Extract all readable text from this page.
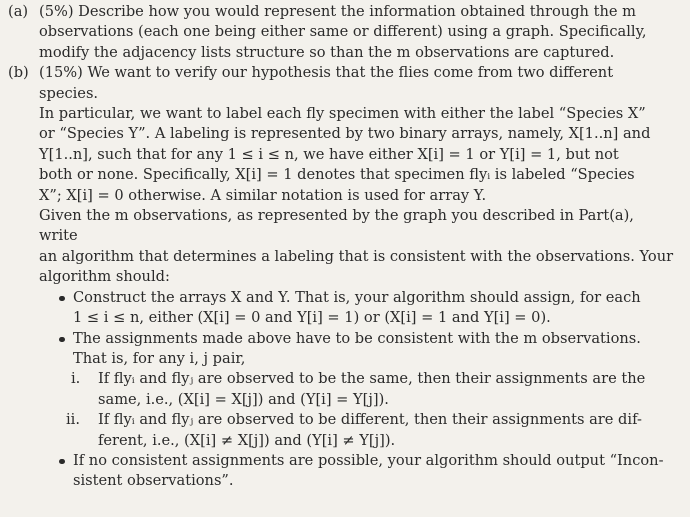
(a) (5%) Describe how you would represent the information obtained through the m
observations (each one being either same or different) using a graph. Specifically,
modify the adjacency lists structure so than the m observations are captured.

(b) (15%) We want to verify our hypothesis that the flies come from two different species.
In particular, we want to label each fly specimen with either the label “Species X”
or “Species Y”. A labeling is represented by two binary arrays, namely, X[1..n] and
Y[1..n], such that for any 1 ≤ i ≤ n, we have either X[i] = 1 or Y[i] = 1, but not
both or none. Specifically, X[i] = 1 denotes that specimen flyᵢ is labeled “Species
X”; X[i] = 0 otherwise. A similar notation is used for array Y.

Given the m observations, as represented by the graph you described in Part(a), write
an algorithm that determines a labeling that is consistent with the observations. Your
algorithm should:

Construct the arrays X and Y. That is, your algorithm should assign, for each
1 ≤ i ≤ n, either (X[i] = 0 and Y[i] = 1) or (X[i] = 1 and Y[i] = 0).
The assignments made above have to be consistent with the m observations.
That is, for any i, j pair,
i. If flyᵢ and flyⱼ are observed to be the same, then their assignments are the
same, i.e., (X[i] = X[j]) and (Y[i] = Y[j]).
ii. If flyᵢ and flyⱼ are observed to be different, then their assignments are dif-
ferent, i.e., (X[i] ≠ X[j]) and (Y[i] ≠ Y[j]).
If no consistent assignments are possible, your algorithm should output “Incon-
sistent observations”.
